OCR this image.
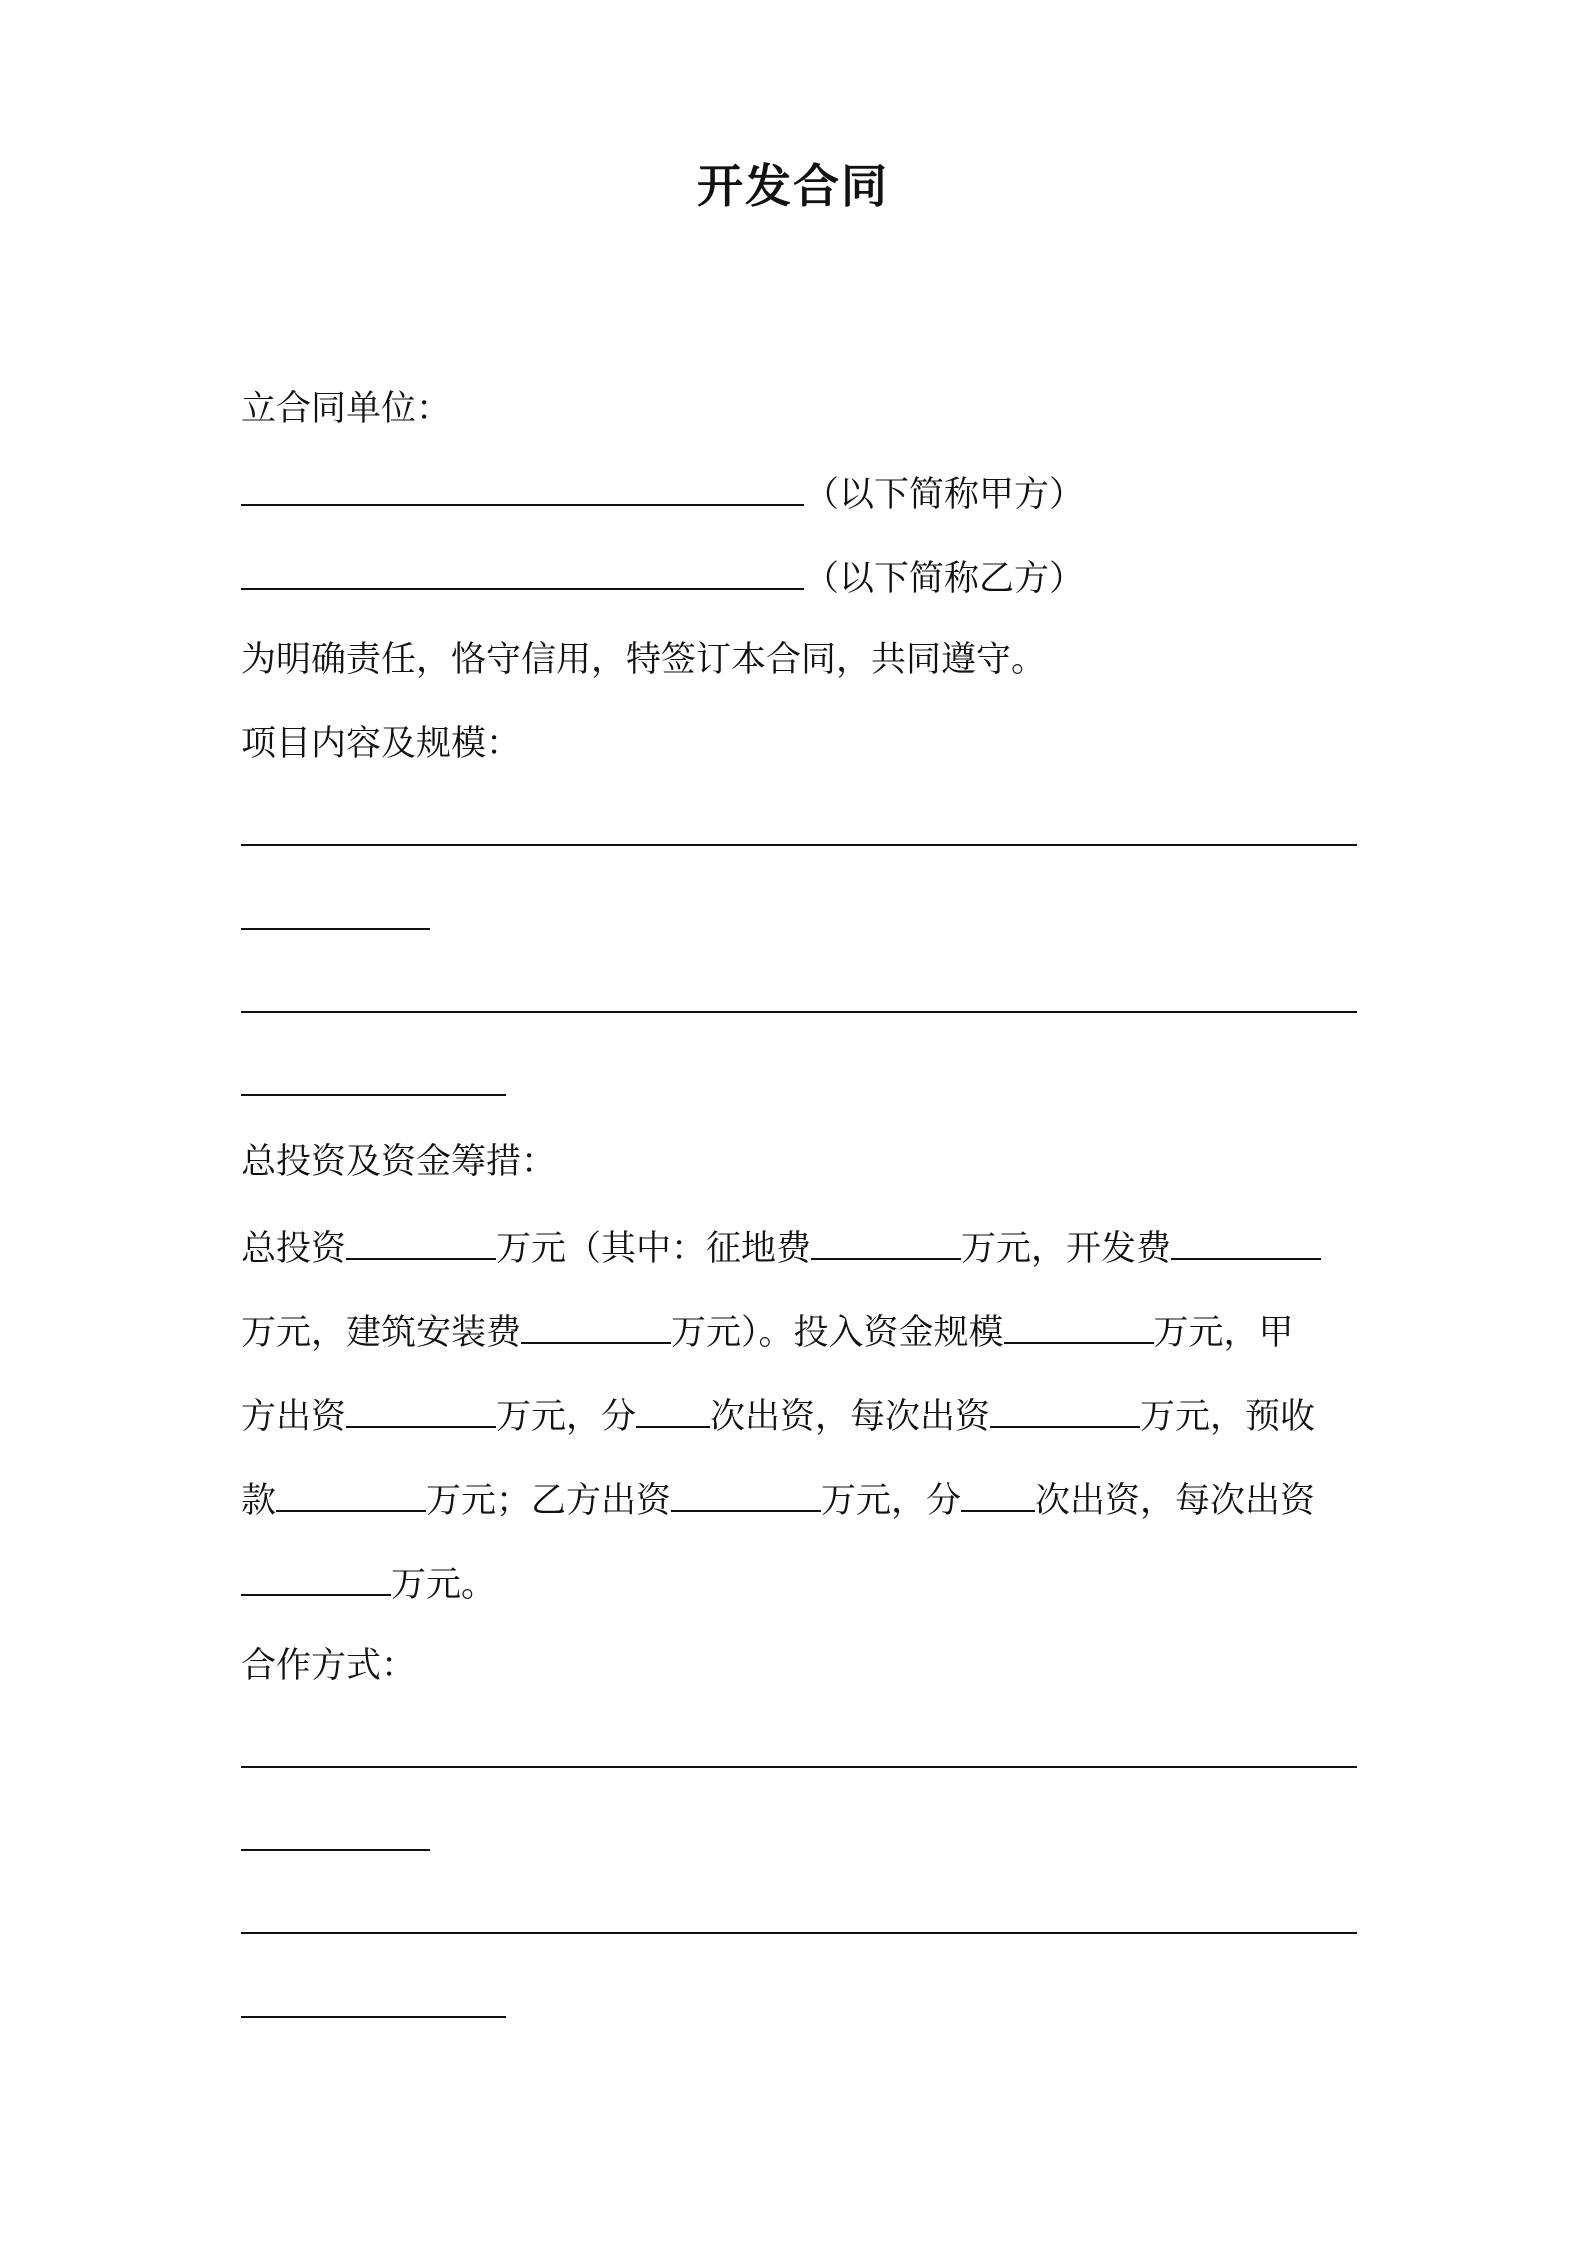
开发合同
立合同单位：
（以下简称甲方）
（以下简称乙方）
为明确责任，恪守信用，特签订本合同，共同遵守。
项目内容及规模：
总投资及资金筹措：
总投资	万元（其中：征地费	万元，开发费
万元，建筑安装费	万元）。投入资金规模	万元，甲
方出资	万元，分 次出资，每次出资	万元，预收
款	万元；乙方出资	万元，分 次出资，每次出资
万元。
合作方式：
